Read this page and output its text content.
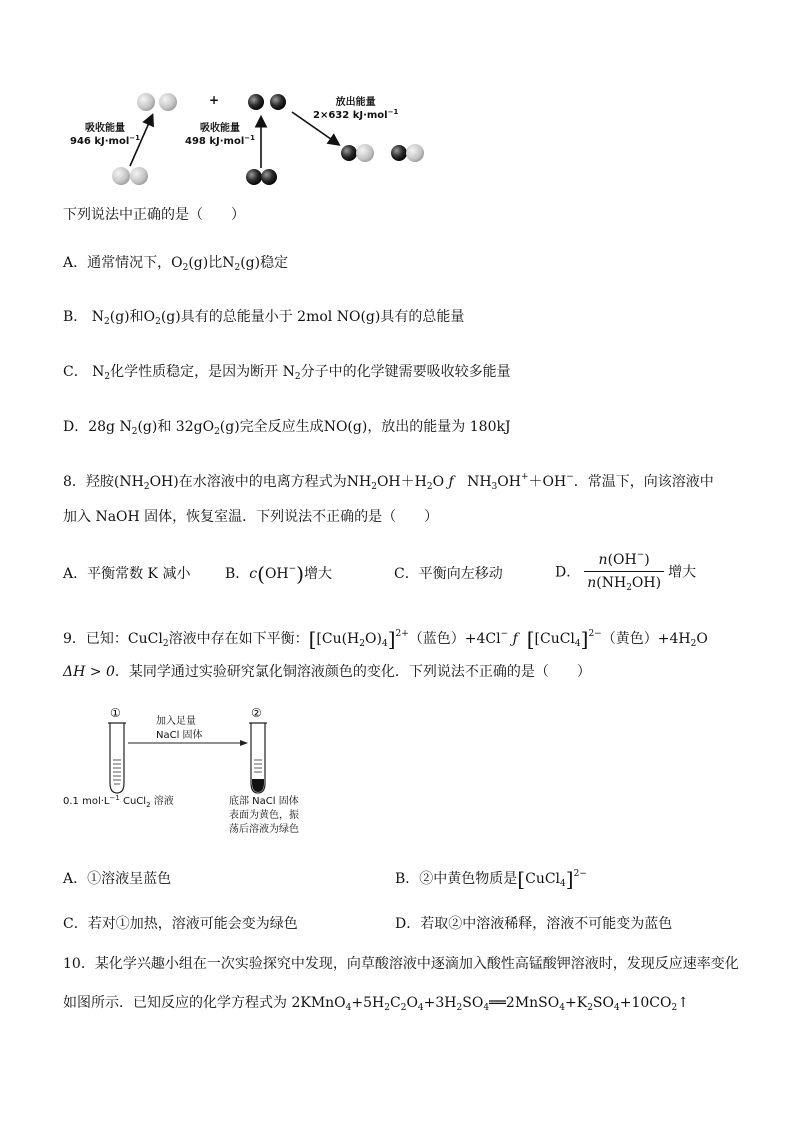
+
吸收能量
946 kJ·mol$^{-1}$
吸收能量
498 kJ·mol$^{-1}$
放出能量
2×632 kJ·mol$^{-1}$
下列说法中正确的是（　　）
A．通常情况下，$O_2(g)$比$N_2(g)$稳定
B． $N_2(g)$和$O_2(g)$具有的总能量小于 2mol NO(g)具有的总能量
C． $N_2$化学性质稳定，是因为断开 $N_2$分子中的化学键需要吸收较多能量
D．28g $N_2(g)$和 $32gO_2(g)$完全反应生成NO(g)，放出的能量为 180kJ
8．羟胺$(NH_2OH)$在水溶液中的电离方程式为$NH_2OH+H_2O$ ƒ $NH_3OH^++OH^-$．常温下，向该溶液中
加入 NaOH 固体，恢复室温．下列说法不正确的是（　　）
A．平衡常数 K 减小 B．c(OH−)增大	C．平衡向左移动	D． $\frac{n(OH^-)}{n(NH_2OH)}$ 增大
9．已知：CuCl$_2$溶液中存在如下平衡：[$[Cu(H_2O)_4]^{2+}$（蓝色）+4Cl− ƒ [[CuCl$_4$]$^{2-}$（黄色）$+4H_2O$
ΔH > 0．某同学通过实验研究氯化铜溶液颜色的变化．下列说法不正确的是（　　）
①	②
加入足量
NaCl 固体
0.1 $mol\cdot L^{-1}$ CuCl$_2$ 溶液	底部 NaCl 固体
表面为黄色，振
荡后溶液为绿色
A．①溶液呈蓝色	B．②中黄色物质是[CuCl$_4$]$^{2-}$
C．若对①加热，溶液可能会变为绿色	D．若取②中溶液稀释，溶液不可能变为蓝色
10．某化学兴趣小组在一次实验探究中发现，向草酸溶液中逐滴加入酸性高锰酸钾溶液时，发现反应速率变化
如图所示．已知反应的化学方程式为 $2KMnO_4+5H_2C_2O_4+3H_2SO_4══2MnSO_4+K_2SO_4+10CO_2↑$
